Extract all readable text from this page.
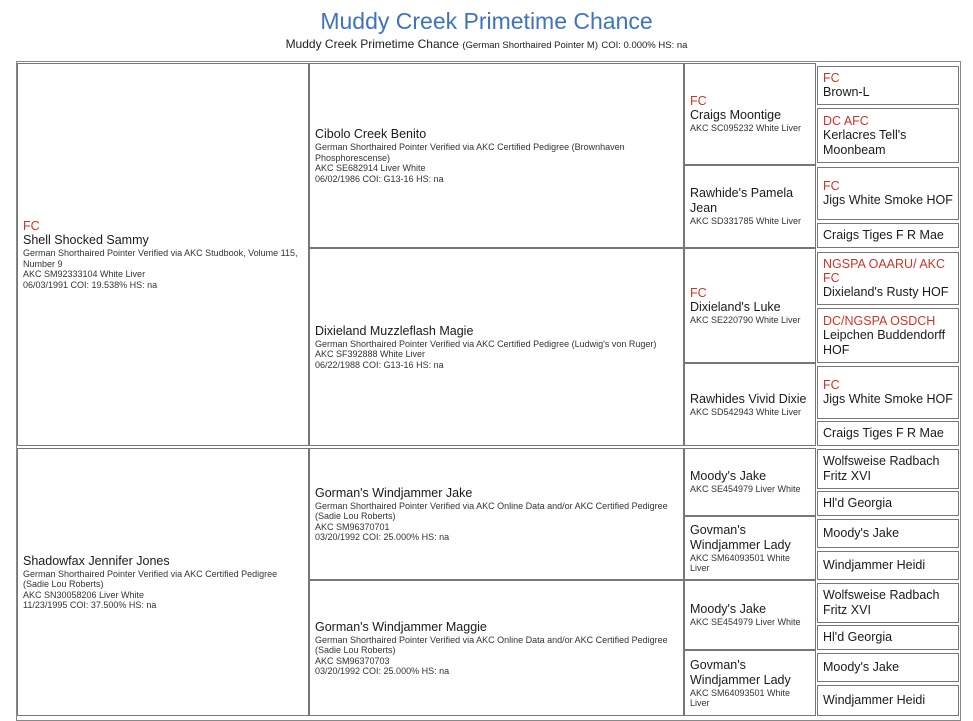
Muddy Creek Primetime Chance
Muddy Creek Primetime Chance (German Shorthaired Pointer M) COI: 0.000% HS: na
FC
Shell Shocked Sammy
German Shorthaired Pointer Verified via AKC Studbook, Volume 115, Number 9
AKC SM92333104 White Liver
06/03/1991 COI: 19.538% HS: na
Shadowfax Jennifer Jones
German Shorthaired Pointer Verified via AKC Certified Pedigree (Sadie Lou Roberts)
AKC SN30058206 Liver White
11/23/1995 COI: 37.500% HS: na
Cibolo Creek Benito
German Shorthaired Pointer Verified via AKC Certified Pedigree (Brownhaven Phosphorescense)
AKC SE682914 Liver White
06/02/1986 COI: G13-16 HS: na
Dixieland Muzzleflash Magie
German Shorthaired Pointer Verified via AKC Certified Pedigree (Ludwig's von Ruger)
AKC SF392888 White Liver
06/22/1988 COI: G13-16 HS: na
Gorman's Windjammer Jake
German Shorthaired Pointer Verified via AKC Online Data and/or AKC Certified Pedigree (Sadie Lou Roberts)
AKC SM96370701
03/20/1992 COI: 25.000% HS: na
Gorman's Windjammer Maggie
German Shorthaired Pointer Verified via AKC Online Data and/or AKC Certified Pedigree (Sadie Lou Roberts)
AKC SM96370703
03/20/1992 COI: 25.000% HS: na
FC
Craigs Moontige
AKC SC095232 White Liver
Rawhide's Pamela Jean
AKC SD331785 White Liver
FC
Dixieland's Luke
AKC SE220790 White Liver
Rawhides Vivid Dixie
AKC SD542943 White Liver
Moody's Jake
AKC SE454979 Liver White
Govman's Windjammer Lady
AKC SM64093501 White Liver
Moody's Jake
AKC SE454979 Liver White
Govman's Windjammer Lady
AKC SM64093501 White Liver
FC
Brown-L
DC AFC
Kerlacres Tell's Moonbeam
FC
Jigs White Smoke HOF
Craigs Tiges F R Mae
NGSPA OAARU/ AKC FC
Dixieland's Rusty HOF
DC/NGSPA OSDCH
Leipchen Buddendorff HOF
FC
Jigs White Smoke HOF
Craigs Tiges F R Mae
Wolfsweise Radbach Fritz XVI
Hl'd Georgia
Moody's Jake
Windjammer Heidi
Wolfsweise Radbach Fritz XVI
Hl'd Georgia
Moody's Jake
Windjammer Heidi
